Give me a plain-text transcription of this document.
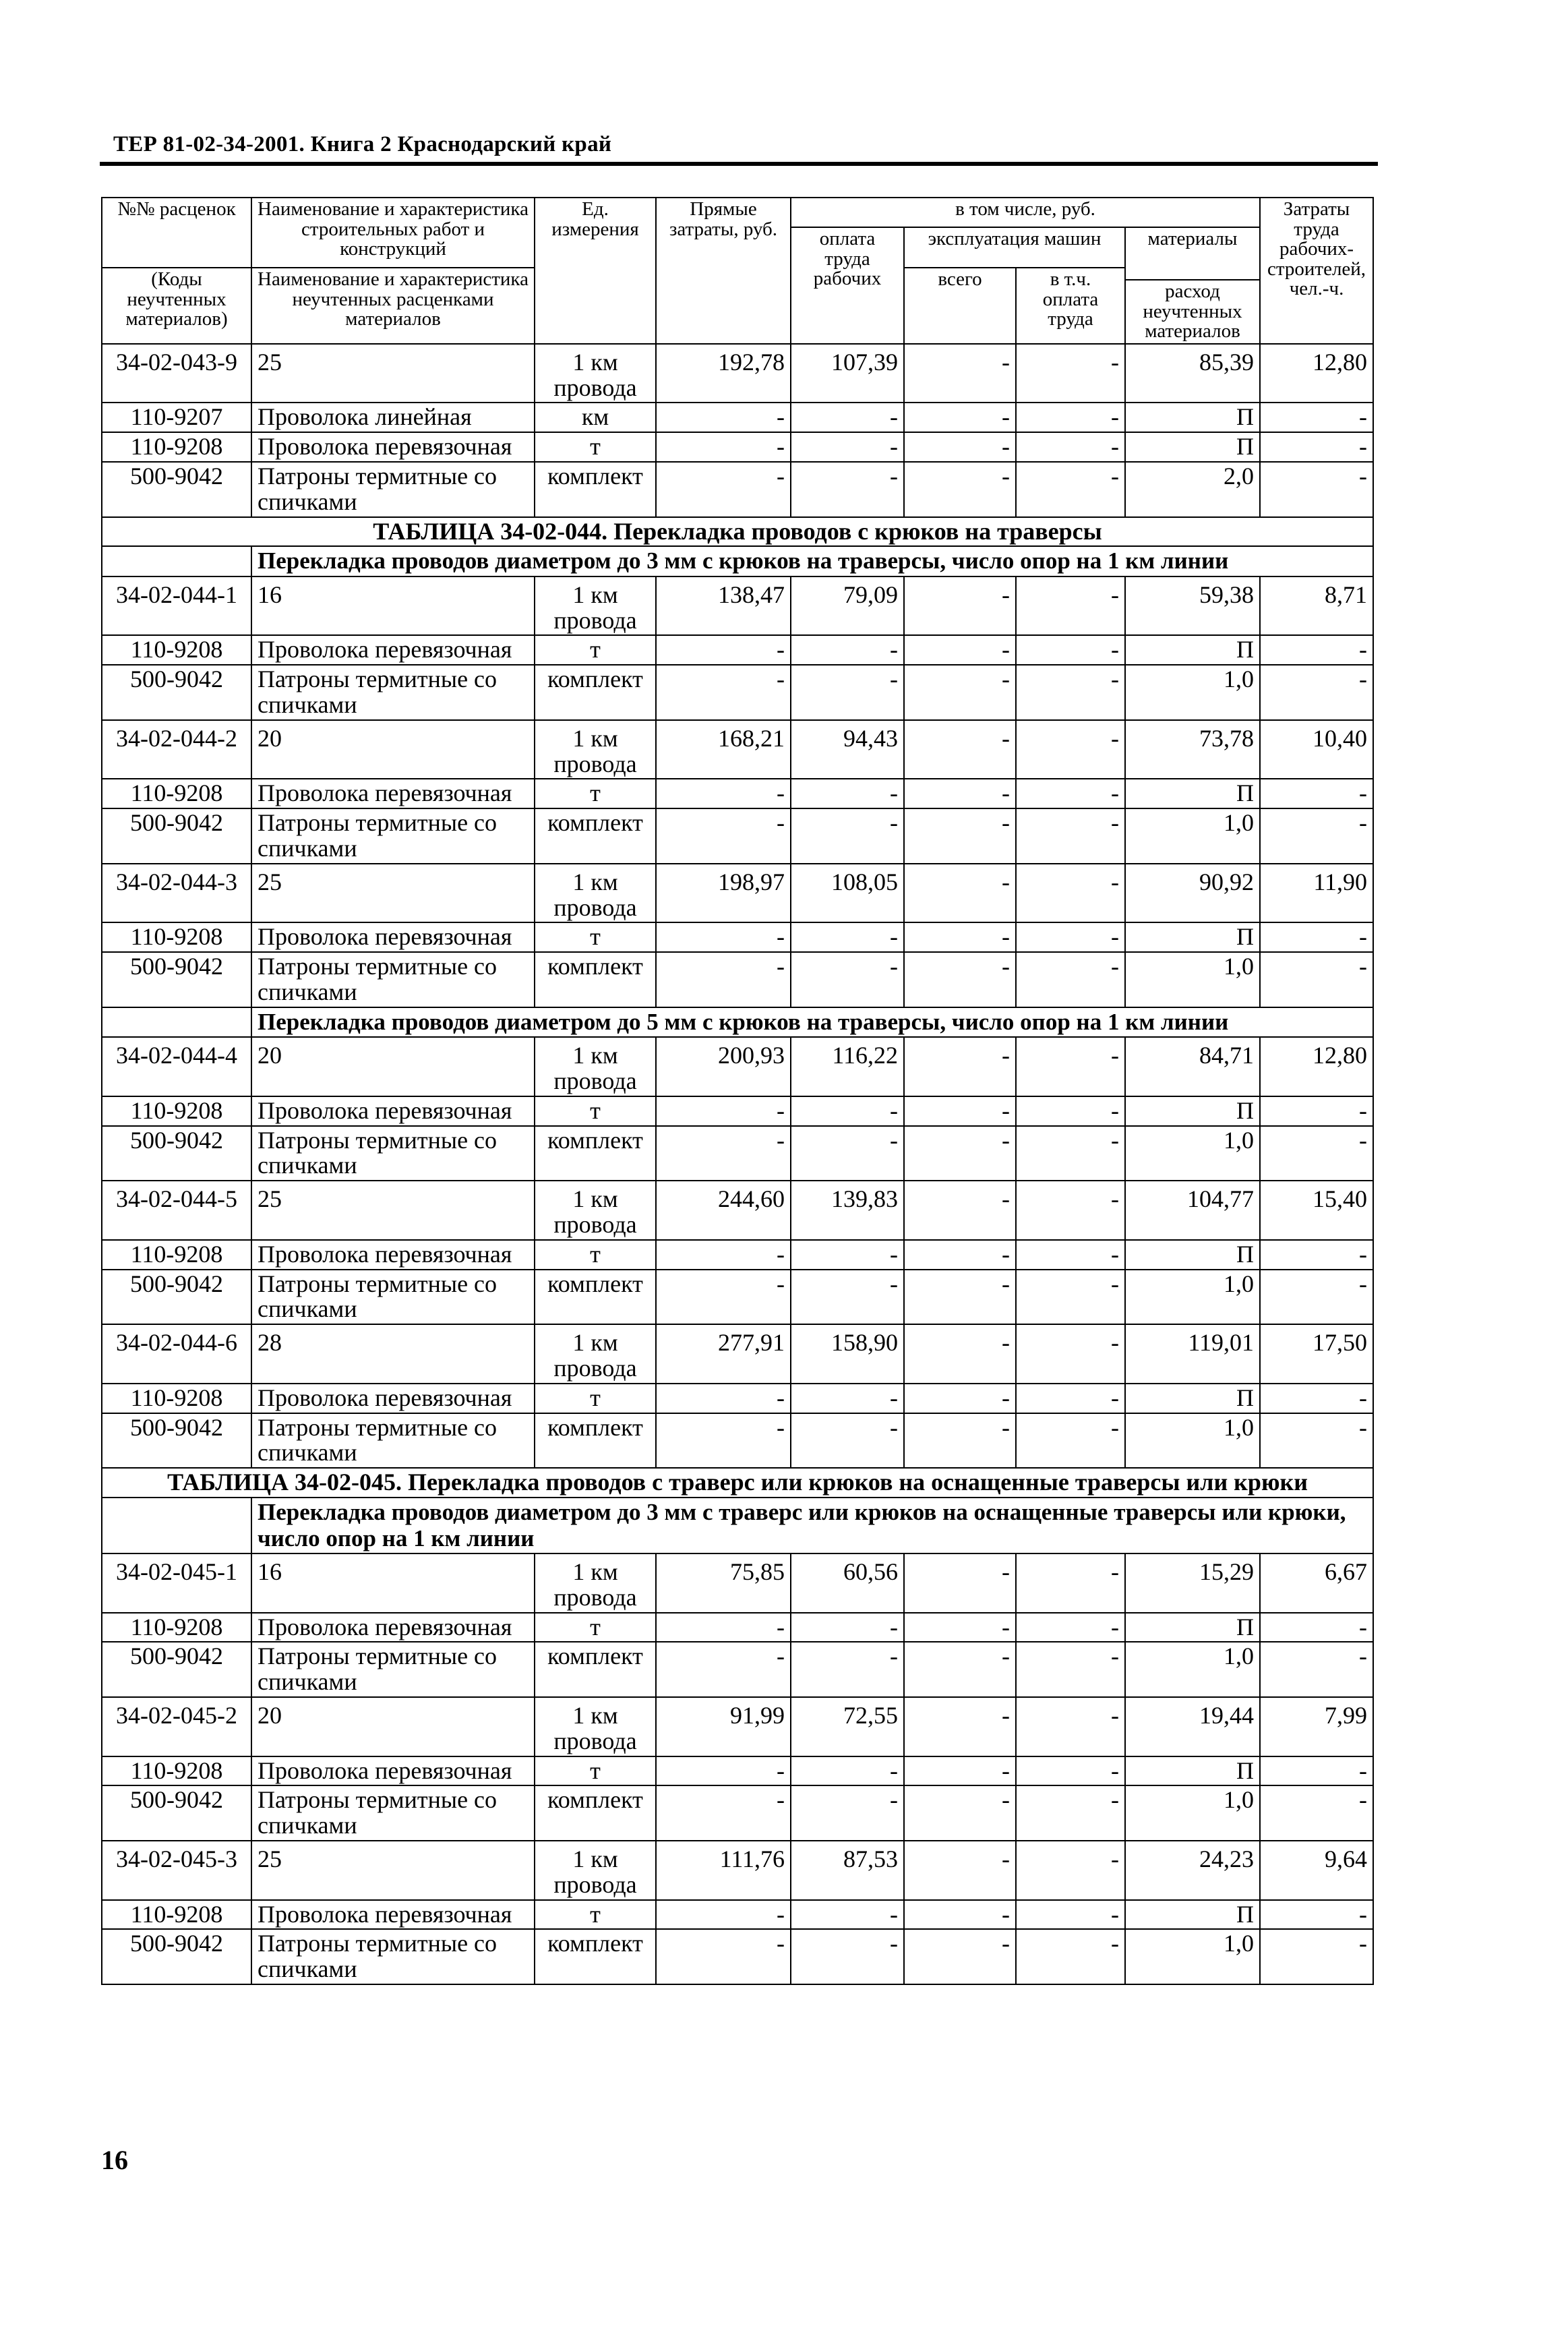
ТЕР 81-02-34-2001. Книга 2 Краснодарский край
№№ расценок	Наименование и характеристика строительных работ и конструкций	Ед. измерения	Прямые затраты, руб.	в том числе, руб.				Затраты труда рабочих-строителей, чел.-ч.
				оплата труда рабочих	эксплуатация машин		материалы	

(Коды неучтенных материалов)	Наименование и характеристика неучтенных расценками материалов				всего	в т.ч. оплата труда		
							расход неучтенных материалов	

34-02-043-9	25	1 км провода	192,78	107,39	-	-	85,39	12,80
110-9207	Проволока линейная	км	-	-	-	-	П	-
110-9208	Проволока перевязочная	т	-	-	-	-	П	-
500-9042	Патроны термитные со спичками	комплект	-	-	-	-	2,0	-
ТАБЛИЦА 34-02-044. Перекладка проводов с крюков на траверсы								
	Перекладка проводов диаметром до 3 мм с крюков на траверсы, число опор на 1 км линии							
34-02-044-1	16	1 км провода	138,47	79,09	-	-	59,38	8,71
110-9208	Проволока перевязочная	т	-	-	-	-	П	-
500-9042	Патроны термитные со спичками	комплект	-	-	-	-	1,0	-
34-02-044-2	20	1 км провода	168,21	94,43	-	-	73,78	10,40
110-9208	Проволока перевязочная	т	-	-	-	-	П	-
500-9042	Патроны термитные со спичками	комплект	-	-	-	-	1,0	-
34-02-044-3	25	1 км провода	198,97	108,05	-	-	90,92	11,90
110-9208	Проволока перевязочная	т	-	-	-	-	П	-
500-9042	Патроны термитные со спичками	комплект	-	-	-	-	1,0	-
	Перекладка проводов диаметром до 5 мм с крюков на траверсы, число опор на 1 км линии							
34-02-044-4	20	1 км провода	200,93	116,22	-	-	84,71	12,80
110-9208	Проволока перевязочная	т	-	-	-	-	П	-
500-9042	Патроны термитные со спичками	комплект	-	-	-	-	1,0	-
34-02-044-5	25	1 км провода	244,60	139,83	-	-	104,77	15,40
110-9208	Проволока перевязочная	т	-	-	-	-	П	-
500-9042	Патроны термитные со спичками	комплект	-	-	-	-	1,0	-
34-02-044-6	28	1 км провода	277,91	158,90	-	-	119,01	17,50
110-9208	Проволока перевязочная	т	-	-	-	-	П	-
500-9042	Патроны термитные со спичками	комплект	-	-	-	-	1,0	-
ТАБЛИЦА 34-02-045. Перекладка проводов с траверс или крюков на оснащенные траверсы или крюки								
	Перекладка проводов диаметром до 3 мм с траверс или крюков на оснащенные траверсы или крюки, число опор на 1 км линии							
34-02-045-1	16	1 км провода	75,85	60,56	-	-	15,29	6,67
110-9208	Проволока перевязочная	т	-	-	-	-	П	-
500-9042	Патроны термитные со спичками	комплект	-	-	-	-	1,0	-
34-02-045-2	20	1 км провода	91,99	72,55	-	-	19,44	7,99
110-9208	Проволока перевязочная	т	-	-	-	-	П	-
500-9042	Патроны термитные со спичками	комплект	-	-	-	-	1,0	-
34-02-045-3	25	1 км провода	111,76	87,53	-	-	24,23	9,64
110-9208	Проволока перевязочная	т	-	-	-	-	П	-
500-9042	Патроны термитные со спичками	комплект	-	-	-	-	1,0	-
16
